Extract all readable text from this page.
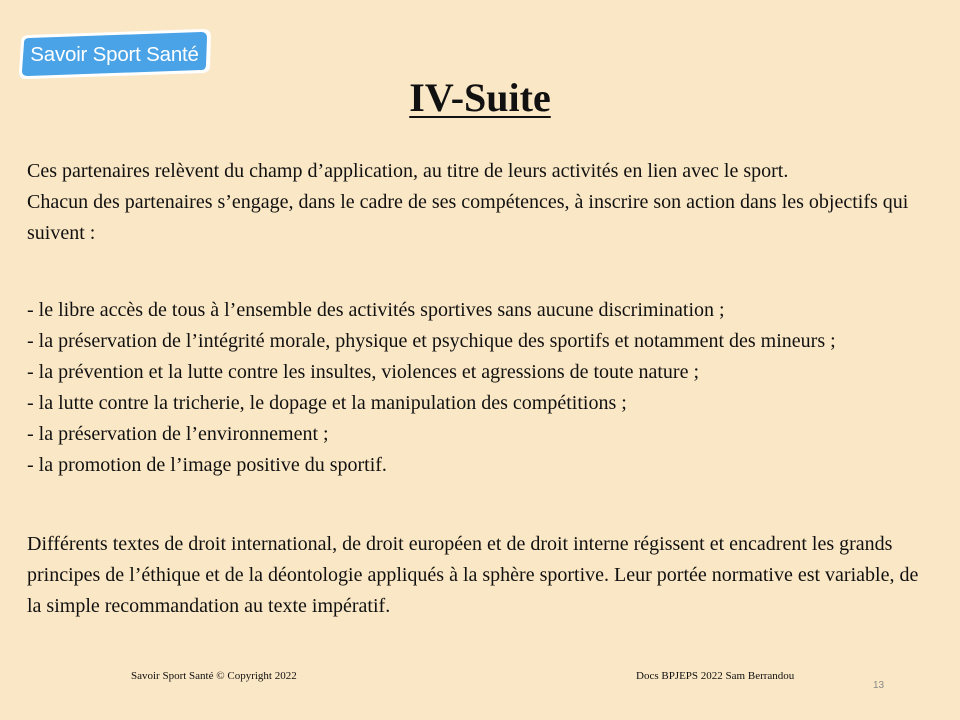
Savoir Sport Santé
IV-Suite

Ces partenaires relèvent du champ d’application, au titre de leurs activités en lien avec le sport.

Chacun des partenaires s’engage, dans le cadre de ses compétences, à inscrire son action dans les objectifs qui suivent :

- le libre accès de tous à l’ensemble des activités sportives sans aucune discrimination ;

- la préservation de l’intégrité morale, physique et psychique des sportifs et notamment des mineurs ;

- la prévention et la lutte contre les insultes, violences et agressions de toute nature ;

- la lutte contre la tricherie, le dopage et la manipulation des compétitions ;

- la préservation de l’environnement ;

- la promotion de l’image positive du sportif.

Différents textes de droit international, de droit européen et de droit interne régissent et encadrent les grands principes de l’éthique et de la déontologie appliqués à la sphère sportive. Leur portée normative est variable, de la simple recommandation au texte impératif.

Savoir Sport Santé © Copyright 2022	Docs BPJEPS 2022 Sam Berrandou
13
